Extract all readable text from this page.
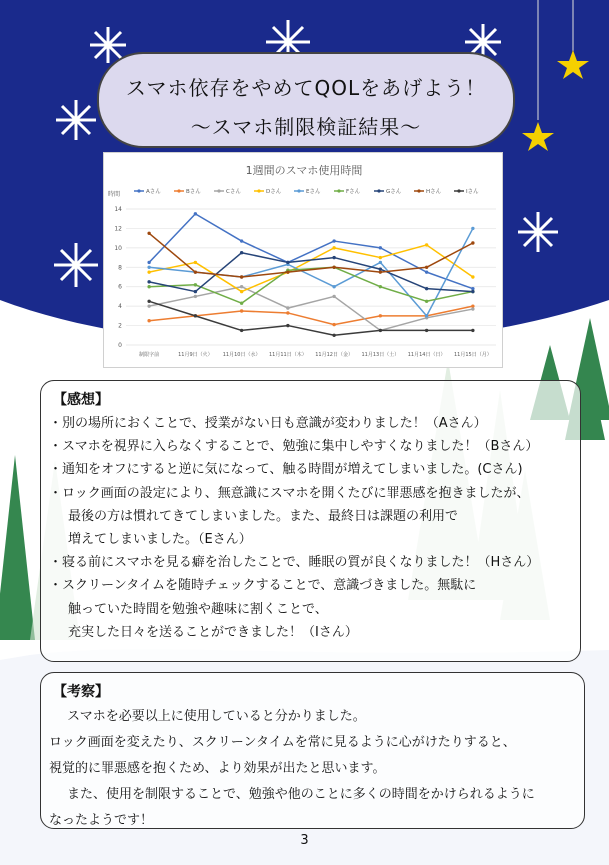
スマホ依存をやめてQOLをあげよう！
～スマホ制限検証結果～
1週間のスマホ使用時間
時間
0
2
4
6
8
10
12
14
制限字前	11月9日（火） 11月10日（水） 11月11日（木） 11月12日（金） 11月13日（土） 11月14日（日） 11月15日（月）
Aさん	Bさん	Cさん	Dさん	Eさん	Fさん	Gさん	Hさん	Iさん
【感想】
・別の場所におくことで、授業がない日も意識が変わりました！（Aさん）
・スマホを視界に入らなくすることで、勉強に集中しやすくなりました！（Bさん）
・通知をオフにすると逆に気になって、触る時間が増えてしまいました。(Cさん)
・ロック画面の設定により、無意識にスマホを開くたびに罪悪感を抱きましたが、
最後の方は慣れてきてしまいました。また、最終日は課題の利用で
増えてしまいました。（Eさん）
・寝る前にスマホを見る癖を治したことで、睡眠の質が良くなりました！（Hさん）
・スクリーンタイムを随時チェックすることで、意識づきました。無駄に
触っていた時間を勉強や趣味に割くことで、
充実した日々を送ることができました！（Iさん）
【考察】
スマホを必要以上に使用していると分かりました。
ロック画面を変えたり、スクリーンタイムを常に見るように心がけたりすると、
視覚的に罪悪感を抱くため、より効果が出たと思います。
また、使用を制限することで、勉強や他のことに多くの時間をかけられるように
なったようです！
3
